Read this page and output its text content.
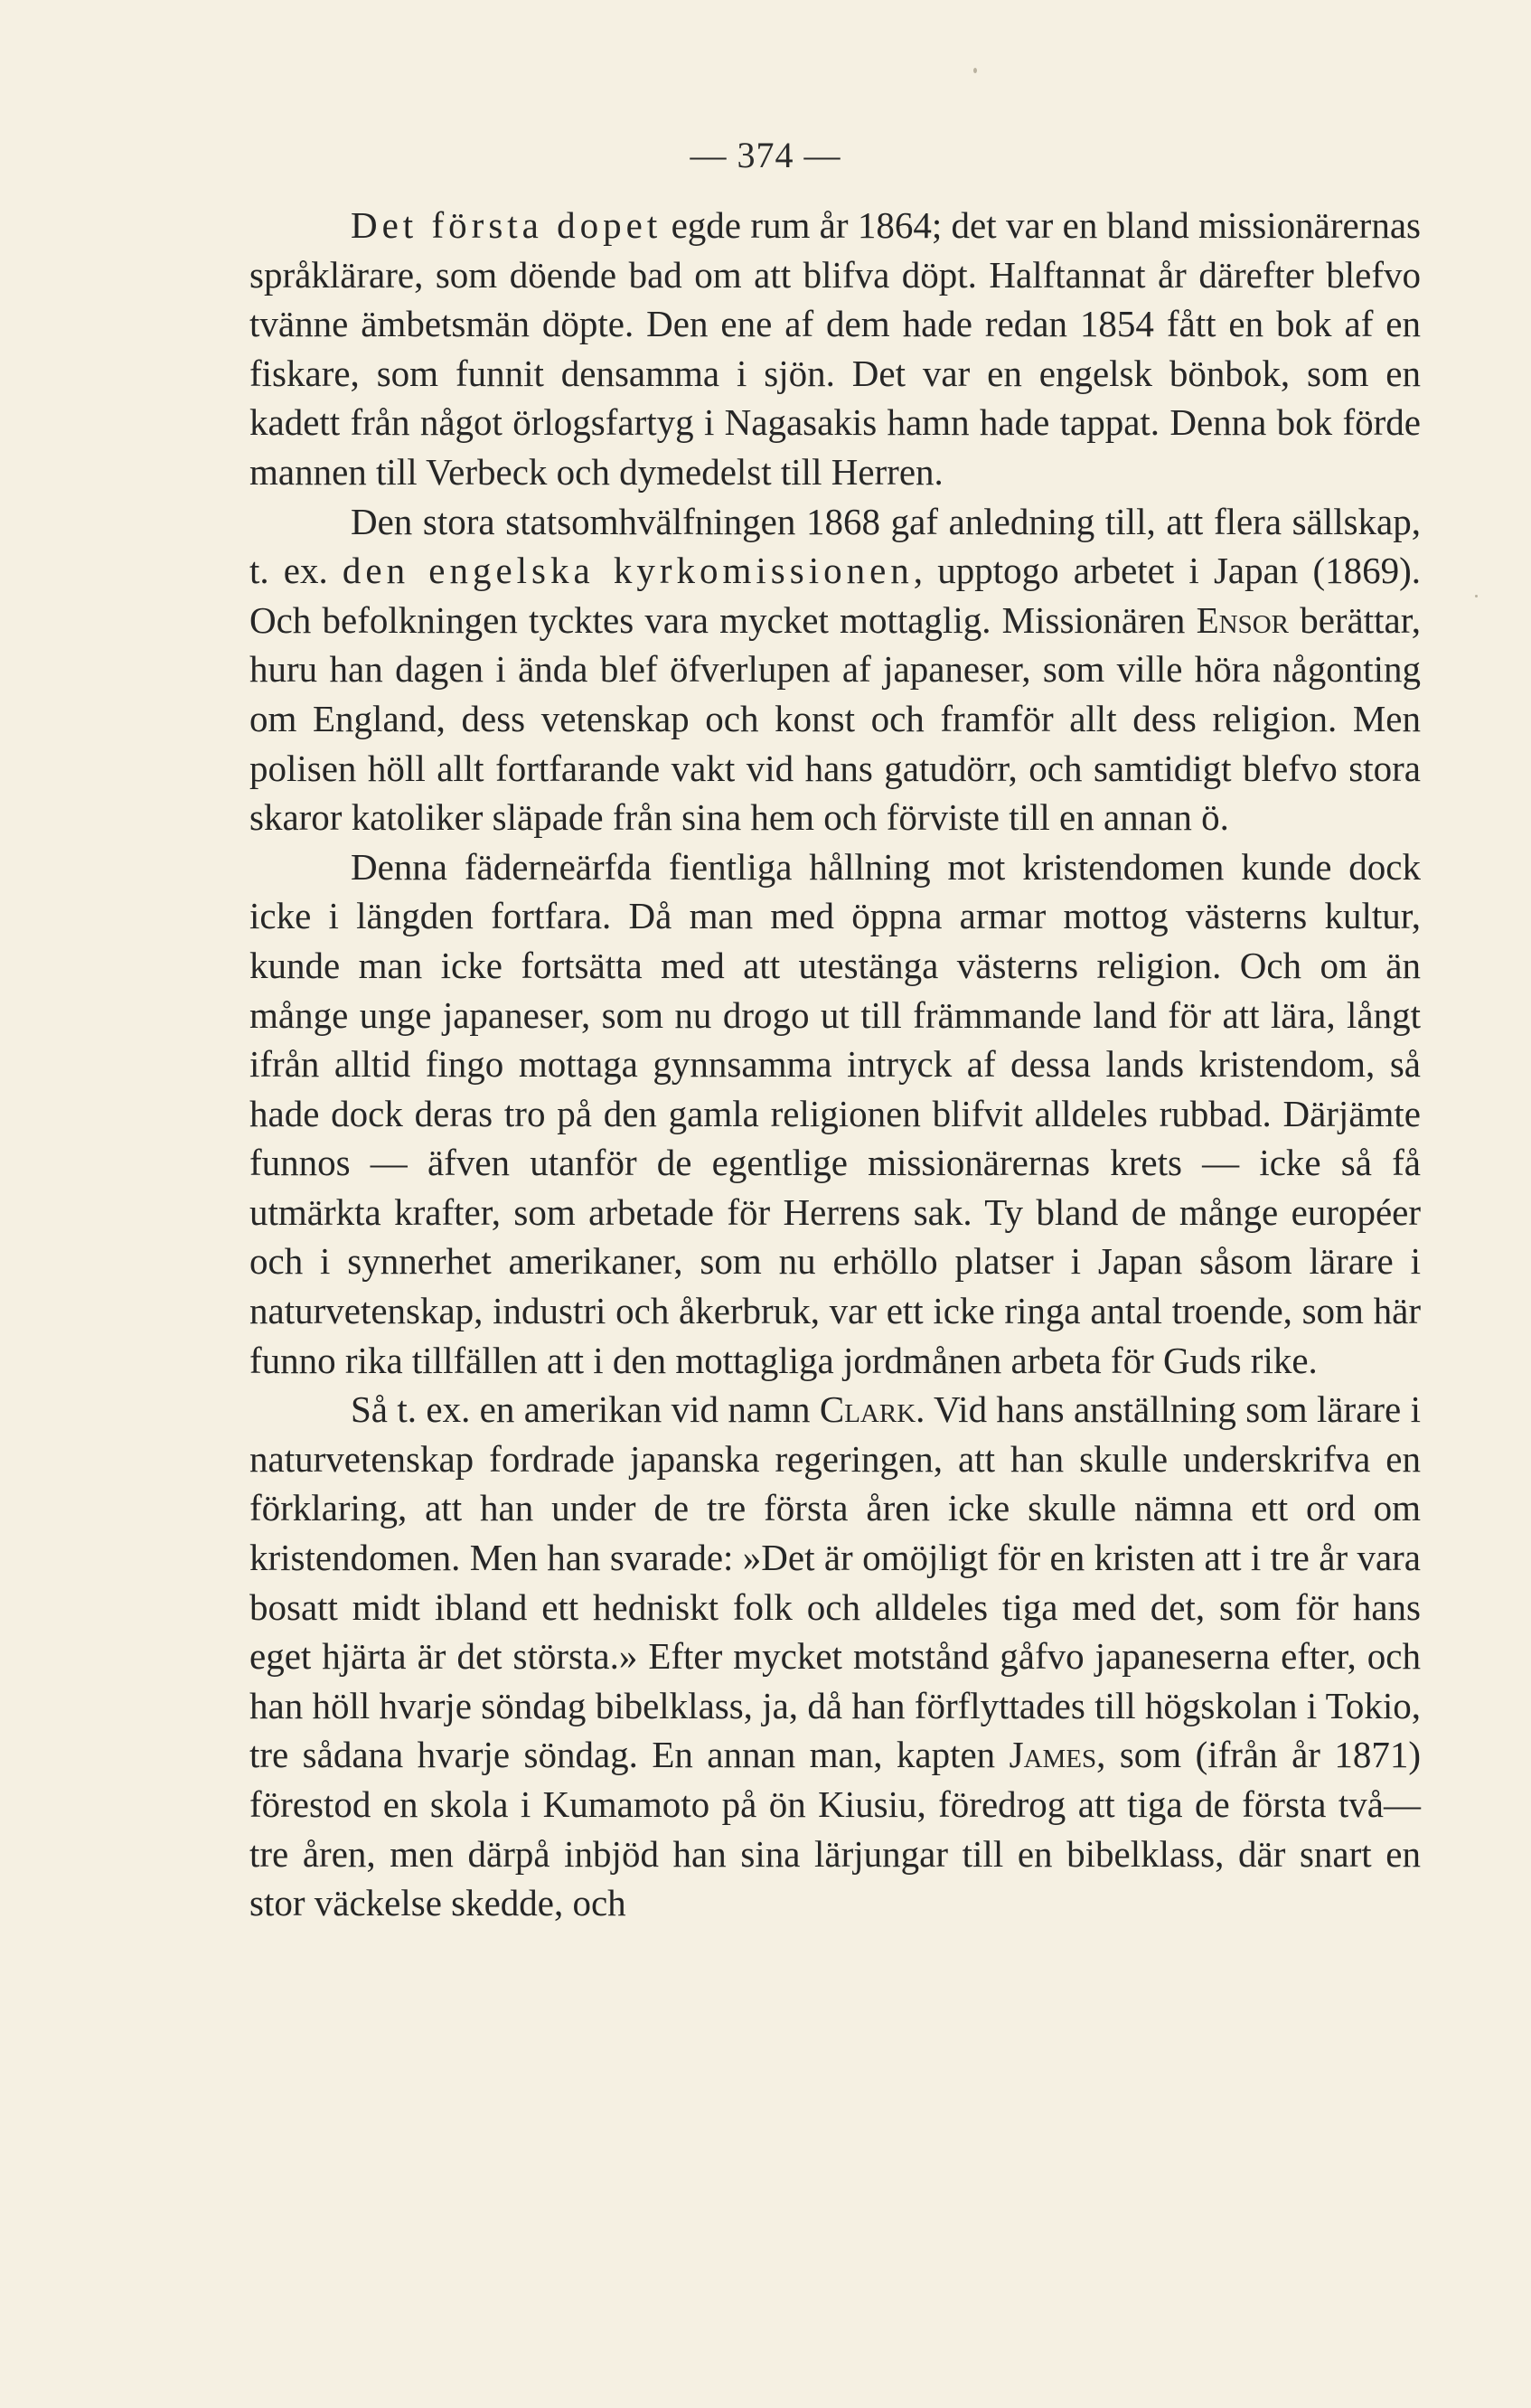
— 374 —

Det första dopet egde rum år 1864; det var en bland missionärernas språklärare, som döende bad om att blifva döpt. Halftannat år därefter blefvo tvänne ämbetsmän döpte. Den ene af dem hade redan 1854 fått en bok af en fiskare, som funnit densamma i sjön. Det var en engelsk bönbok, som en kadett från något örlogsfartyg i Nagasakis hamn hade tappat. Denna bok förde mannen till Verbeck och dymedelst till Herren.

Den stora statsomhvälfningen 1868 gaf anledning till, att flera sällskap, t. ex. den engelska kyrkomissionen, upptogo arbetet i Japan (1869). Och befolkningen tycktes vara mycket mottaglig. Missionären Ensor berättar, huru han dagen i ända blef öfverlupen af japaneser, som ville höra någonting om England, dess vetenskap och konst och framför allt dess religion. Men polisen höll allt fortfarande vakt vid hans gatudörr, och samtidigt blefvo stora skaror katoliker släpade från sina hem och förviste till en annan ö.

Denna fäderneärfda fientliga hållning mot kristendomen kunde dock icke i längden fortfara. Då man med öppna armar mottog västerns kultur, kunde man icke fortsätta med att utestänga västerns religion. Och om än månge unge japaneser, som nu drogo ut till främmande land för att lära, långt ifrån alltid fingo mottaga gynnsamma intryck af dessa lands kristendom, så hade dock deras tro på den gamla religionen blifvit alldeles rubbad. Därjämte funnos — äfven utanför de egentlige missionärernas krets — icke så få utmärkta krafter, som arbetade för Herrens sak. Ty bland de månge européer och i synnerhet amerikaner, som nu erhöllo platser i Japan såsom lärare i naturvetenskap, industri och åkerbruk, var ett icke ringa antal troende, som här funno rika tillfällen att i den mottagliga jordmånen arbeta för Guds rike.

Så t. ex. en amerikan vid namn Clark. Vid hans anställning som lärare i naturvetenskap fordrade japanska regeringen, att han skulle underskrifva en förklaring, att han under de tre första åren icke skulle nämna ett ord om kristendomen. Men han svarade: »Det är omöjligt för en kristen att i tre år vara bosatt midt ibland ett hedniskt folk och alldeles tiga med det, som för hans eget hjärta är det största.» Efter mycket motstånd gåfvo japaneserna efter, och han höll hvarje söndag bibelklass, ja, då han förflyttades till högskolan i Tokio, tre sådana hvarje söndag. En annan man, kapten James, som (ifrån år 1871) förestod en skola i Kumamoto på ön Kiusiu, föredrog att tiga de första två—tre åren, men därpå inbjöd han sina lärjungar till en bibelklass, där snart en stor väckelse skedde, och
